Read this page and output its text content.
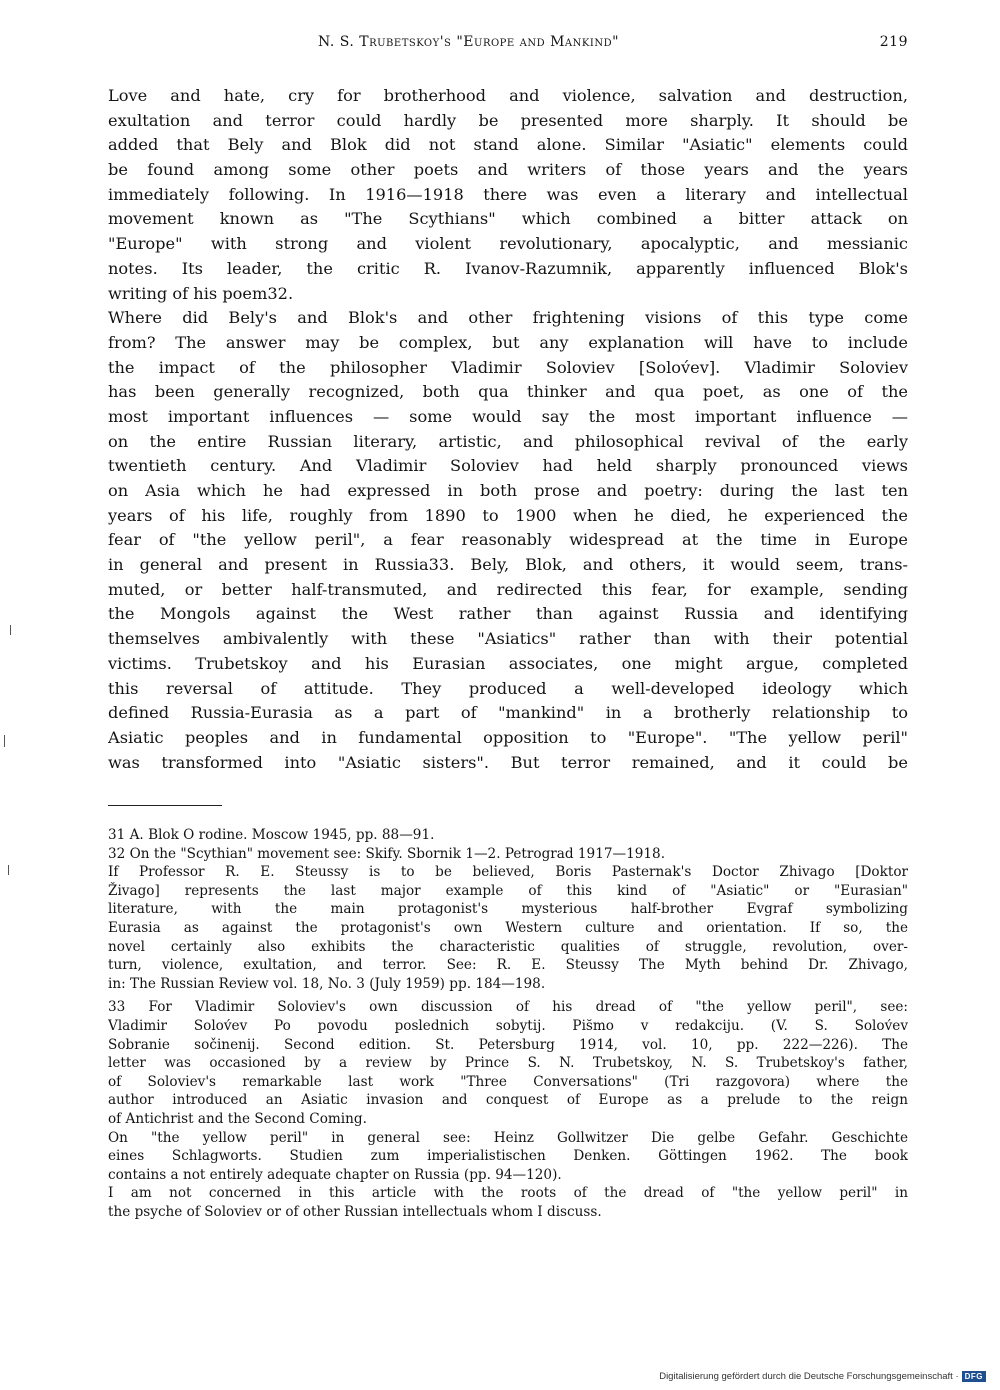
N. S. Trubetskoy's "Europe and Mankind"	219
Love and hate, cry for brotherhood and violence, salvation and destruction,
exultation and terror could hardly be presented more sharply. It should be
added that Bely and Blok did not stand alone. Similar "Asiatic" elements could
be found among some other poets and writers of those years and the years
immediately following. In 1916—1918 there was even a literary and intellectual
movement known as "The Scythians" which combined a bitter attack on
"Europe" with strong and violent revolutionary, apocalyptic, and messianic
notes. Its leader, the critic R. Ivanov-Razumnik, apparently influenced Blok's
writing of his poem32.
Where did Bely's and Blok's and other frightening visions of this type come
from? The answer may be complex, but any explanation will have to include
the impact of the philosopher Vladimir Soloviev [Solov́ev]. Vladimir Soloviev
has been generally recognized, both qua thinker and qua poet, as one of the
most important influences — some would say the most important influence —
on the entire Russian literary, artistic, and philosophical revival of the early
twentieth century. And Vladimir Soloviev had held sharply pronounced views
on Asia which he had expressed in both prose and poetry: during the last ten
years of his life, roughly from 1890 to 1900 when he died, he experienced the
fear of "the yellow peril", a fear reasonably widespread at the time in Europe
in general and present in Russia33. Bely, Blok, and others, it would seem, trans-
muted, or better half-transmuted, and redirected this fear, for example, sending
the Mongols against the West rather than against Russia and identifying
themselves ambivalently with these "Asiatics" rather than with their potential
victims. Trubetskoy and his Eurasian associates, one might argue, completed
this reversal of attitude. They produced a well-developed ideology which
defined Russia-Eurasia as a part of "mankind" in a brotherly relationship to
Asiatic peoples and in fundamental opposition to "Europe". "The yellow peril"
was transformed into "Asiatic sisters". But terror remained, and it could be
31 A. Blok O rodine. Moscow 1945, pp. 88—91.
32 On the "Scythian" movement see: Skify. Sbornik 1—2. Petrograd 1917—1918.
If Professor R. E. Steussy is to be believed, Boris Pasternak's Doctor Zhivago [Doktor
Živago] represents the last major example of this kind of "Asiatic" or "Eurasian"
literature, with the main protagonist's mysterious half-brother Evgraf symbolizing
Eurasia as against the protagonist's own Western culture and orientation. If so, the
novel certainly also exhibits the characteristic qualities of struggle, revolution, over-
turn, violence, exultation, and terror. See: R. E. Steussy The Myth behind Dr. Zhivago,
in: The Russian Review vol. 18, No. 3 (July 1959) pp. 184—198.
33 For Vladimir Soloviev's own discussion of his dread of "the yellow peril", see:
Vladimir Solov́ev Po povodu poslednich sobytij. Pis̆mo v redakciju. (V. S. Solov́ev
Sobranie sočinenij. Second edition. St. Petersburg 1914, vol. 10, pp. 222—226). The
letter was occasioned by a review by Prince S. N. Trubetskoy, N. S. Trubetskoy's father,
of Soloviev's remarkable last work "Three Conversations" (Tri razgovora) where the
author introduced an Asiatic invasion and conquest of Europe as a prelude to the reign
of Antichrist and the Second Coming.
On "the yellow peril" in general see: Heinz Gollwitzer Die gelbe Gefahr. Geschichte
eines Schlagworts. Studien zum imperialistischen Denken. Göttingen 1962. The book
contains a not entirely adequate chapter on Russia (pp. 94—120).
I am not concerned in this article with the roots of the dread of "the yellow peril" in
the psyche of Soloviev or of other Russian intellectuals whom I discuss.
Digitalisierung gefördert durch die Deutsche Forschungsgemeinschaft · DFG
